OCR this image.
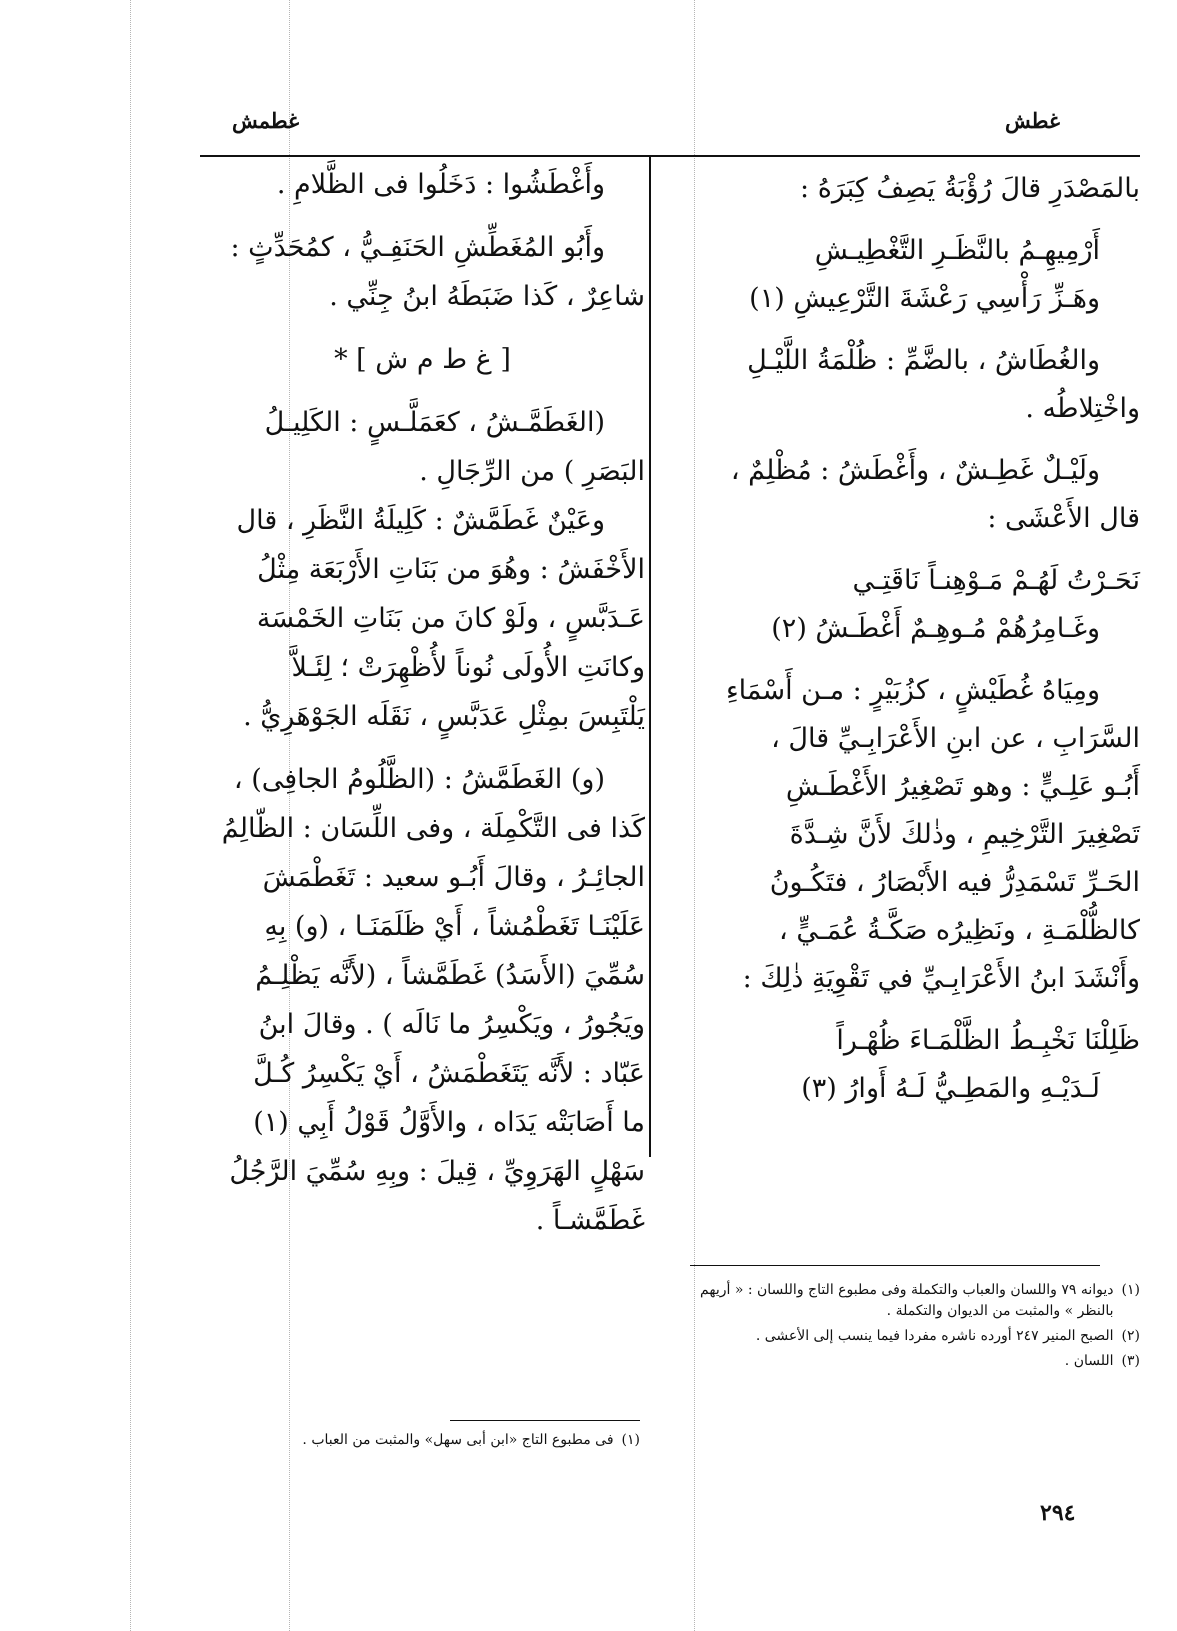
غطش
غطمش

بالمَصْدَرِ قالَ رُؤْبَةُ يَصِفُ كِبَرَهُ :

أَرْمِيهِـمُ بالنَّظَـرِ التَّغْطِيـشِ

وهَـزِّ رَأْسِي رَعْشَةَ التَّرْعِيشِ (١)

والغُطَاشُ ، بالضَّمِّ : ظُلْمَةُ اللَّيْـلِ

واخْتِلاطُه .

ولَيْـلٌ غَطِـشٌ ، وأَغْطَشُ : مُظْلِمٌ ،

قال الأَعْشَى :

نَحَـرْتُ لَهُـمْ مَـوْهِنـاً نَاقَتِـي

وغَـامِرُهُمْ مُـوهِـمٌ أَغْطَـشُ (٢)

ومِيَاهُ غُطَيْشٍ ، كزُبَيْرٍ : مـن أَسْمَاءِ

السَّرَابِ ، عن ابنِ الأَعْرَابِـيِّ قالَ ،

أَبُـو عَلِـيٍّ : وهو تَصْغِيرُ الأَغْطَـشِ

تَصْغِيرَ التَّرْخِيمِ ، وذٰلكَ لأَنَّ شِـدَّةَ

الحَـرِّ تَسْمَدِرُّ فيه الأَبْصَارُ ، فتَكُـونُ

كالظُّلْمَـةِ ، ونَظِيرُه صَكَّـةُ عُمَـيٍّ ،

وأَنْشَدَ ابنُ الأَعْرَابِـيِّ في تَقْوِيَةِ ذٰلِكَ :

ظَلِلْنَا نَخْبِـطُ الظَّلْمَـاءَ ظُهْـراً

لَـدَيْـهِ والمَطِـيُّ لَـهُ أَوارُ (٣)

(١)
ديوانه ٧٩ واللسان والعباب والتكملة وفى مطبوع التاج واللسان : « أريهم بالنظر » والمثبت من الديوان والتكملة .
(٢)
الصبح المنير ٢٤٧ أورده ناشره مفردا فيما ينسب إلى الأعشى .
(٣)
اللسان .

وأَغْطَشُوا : دَخَلُوا فى الظَّلامِ .

وأَبُو المُغَطِّشِ الحَنَفِـيُّ ، كمُحَدِّثٍ :

شاعِرٌ ، كَذا ضَبَطَهُ ابنُ جِنِّي .

[ غ ط م ش ] *

(الغَطَمَّـشُ ، كعَمَلَّـسٍ : الكَلِيـلُ

البَصَرِ ) من الرِّجَالِ .

وعَيْنٌ غَطَمَّشٌ : كَلِيلَةُ النَّظَرِ ، قال

الأَخْفَشُ : وهُوَ من بَنَاتِ الأَرْبَعَة مِثْلُ

عَـدَبَّسٍ ، ولَوْ كانَ من بَنَاتِ الخَمْسَة

وكانَتِ الأُولَى نُوناً لأُظْهِرَتْ ؛ لِئَـلاَّ

يَلْتَبِسَ بمِثْلِ عَدَبَّسٍ ، نَقَلَه الجَوْهَرِيُّ .

(و) الغَطَمَّشُ : (الظَّلُومُ الجافِى) ،

كَذا فى التَّكْمِلَة ، وفى اللِّسَان : الظّالِمُ

الجائِـرُ ، وقالَ أَبُـو سعيد : تَغَطْمَشَ

عَلَيْنَـا تَغَطْمُشاً ، أَيْ ظَلَمَنَـا ، (و) بِهِ

سُمِّيَ (الأَسَدُ) غَطَمَّشاً ، (لأَنَّه يَظْلِـمُ

ويَجُورُ ، ويَكْسِرُ ما نَالَه ) . وقالَ ابنُ

عَبّاد : لأَنَّه يَتَغَطْمَشُ ، أَيْ يَكْسِرُ كُـلَّ

ما أَصَابَتْه يَدَاه ، والأَوَّلُ قَوْلُ أَبِي (١)

سَهْلٍ الهَرَوِيِّ ، قِيلَ : وبِهِ سُمِّيَ الرَّجُلُ

غَطَمَّشـاً .

(١)
فى مطبوع التاج «ابن أبى سهل» والمثبت من العباب .
٢٩٤
